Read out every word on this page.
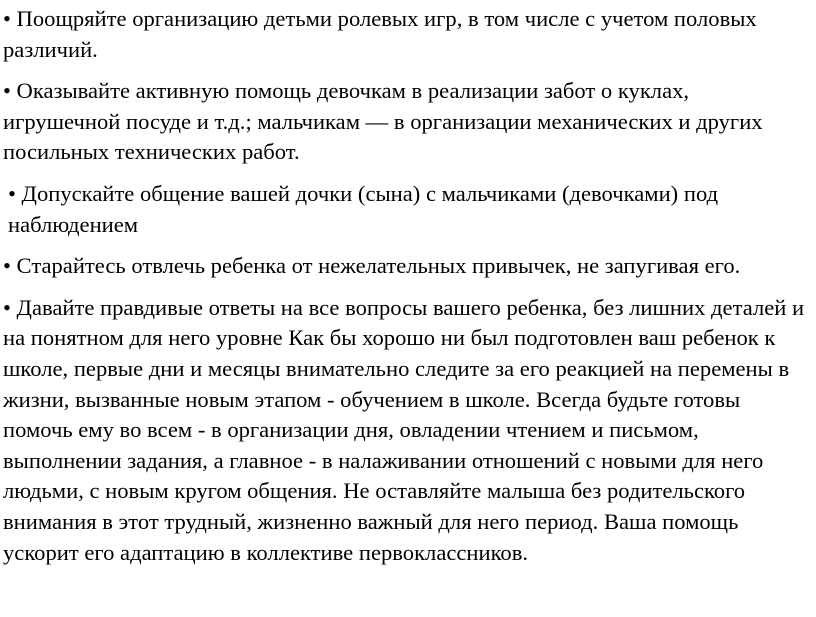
• Поощряйте организацию детьми ролевых игр, в том числе с учетом половых различий.

• Оказывайте активную помощь девочкам в реализации забот о куклах, игрушечной посуде и т.д.; мальчикам — в организации механических и других посильных технических работ.

• Допускайте общение вашей дочки (сына) с мальчиками (девочками) под наблюдением

• Старайтесь отвлечь ребенка от нежелательных привычек, не запугивая его.

• Давайте правдивые ответы на все вопросы вашего ребенка, без лишних деталей и на понятном для него уровне Как бы хорошо ни был подготовлен ваш ребенок к школе, первые дни и месяцы внимательно следите за его реакцией на перемены в жизни, вызванные новым этапом - обучением в школе. Всегда будьте готовы помочь ему во всем - в организации дня, овладении чтением и письмом, выполнении задания, а главное - в налаживании отношений с новыми для него людьми, с новым кругом общения. Не оставляйте малыша без родительского внимания в этот трудный, жизненно важный для него период. Ваша помощь ускорит его адаптацию в коллективе первоклассников.
